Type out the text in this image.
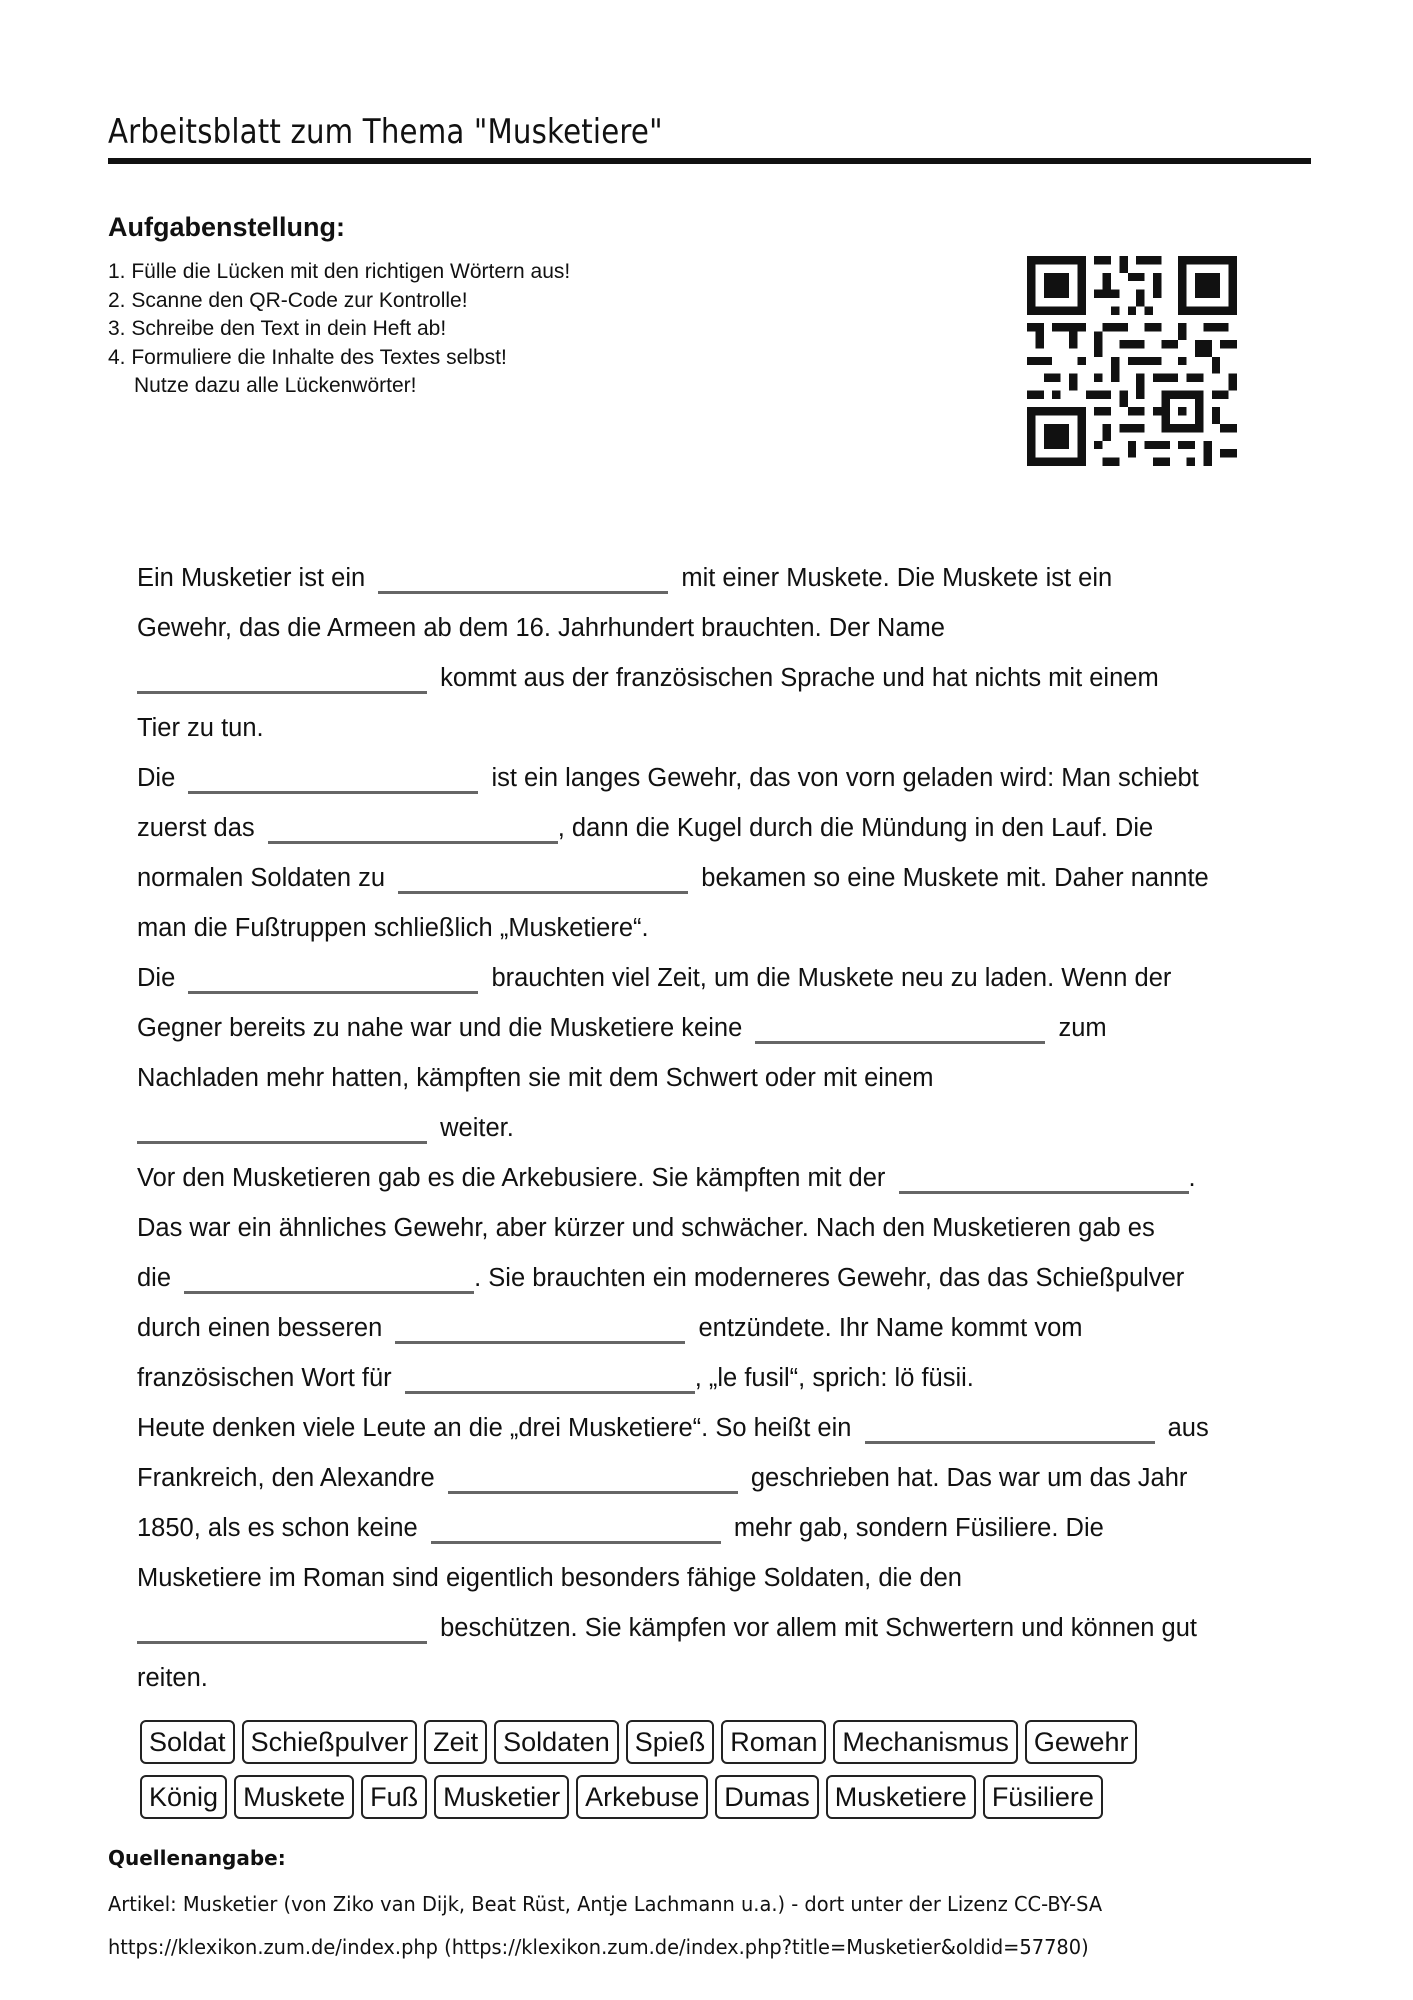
Arbeitsblatt zum Thema "Musketiere"
Aufgabenstellung:
1. Fülle die Lücken mit den richtigen Wörtern aus!
2. Scanne den QR-Code zur Kontrolle!
3. Schreibe den Text in dein Heft ab!
4. Formuliere die Inhalte des Textes selbst!
Nutze dazu alle Lückenwörter!
Ein Musketier ist ein	mit einer Muskete. Die Muskete ist ein
Gewehr, das die Armeen ab dem 16. Jahrhundert brauchten. Der Name
kommt aus der französischen Sprache und hat nichts mit einem
Tier zu tun.
Die	ist ein langes Gewehr, das von vorn geladen wird: Man schiebt
zuerst das	, dann die Kugel durch die Mündung in den Lauf. Die
normalen Soldaten zu	bekamen so eine Muskete mit. Daher nannte
man die Fußtruppen schließlich „Musketiere“.
Die	brauchten viel Zeit, um die Muskete neu zu laden. Wenn der
Gegner bereits zu nahe war und die Musketiere keine	zum
Nachladen mehr hatten, kämpften sie mit dem Schwert oder mit einem
weiter.
Vor den Musketieren gab es die Arkebusiere. Sie kämpften mit der	.
Das war ein ähnliches Gewehr, aber kürzer und schwächer. Nach den Musketieren gab es
die	. Sie brauchten ein moderneres Gewehr, das das Schießpulver
durch einen besseren	entzündete. Ihr Name kommt vom
französischen Wort für	, „le fusil“, sprich: lö füsii.
Heute denken viele Leute an die „drei Musketiere“. So heißt ein	aus
Frankreich, den Alexandre	geschrieben hat. Das war um das Jahr
1850, als es schon keine	mehr gab, sondern Füsiliere. Die
Musketiere im Roman sind eigentlich besonders fähige Soldaten, die den
beschützen. Sie kämpfen vor allem mit Schwertern und können gut
reiten.
Soldat Schießpulver Zeit Soldaten Spieß Roman Mechanismus Gewehr
König Muskete Fuß Musketier Arkebuse Dumas Musketiere Füsiliere
Quellenangabe:
Artikel: Musketier (von Ziko van Dijk, Beat Rüst, Antje Lachmann u.a.) - dort unter der Lizenz CC-BY-SA
https://klexikon.zum.de/index.php (https://klexikon.zum.de/index.php?title=Musketier&oldid=57780)
